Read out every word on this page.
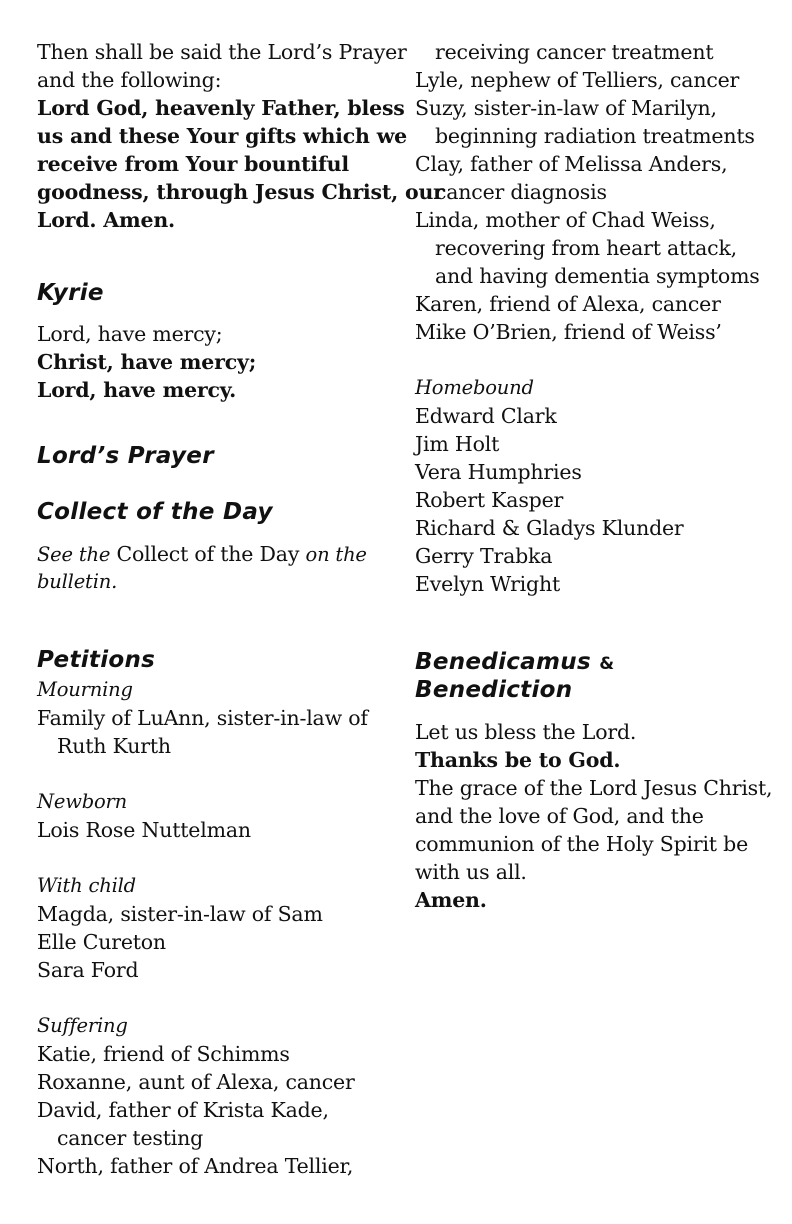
Then shall be said the Lord’s Prayer
and the following:
Lord God, heavenly Father, bless
us and these Your gifts which we
receive from Your bountiful
goodness, through Jesus Christ, our
Lord. Amen.
Kyrie
Lord, have mercy;
Christ, have mercy;
Lord, have mercy.
Lord’s Prayer
Collect of the Day
See the Collect of the Day on the
bulletin.
Petitions
Mourning
Family of LuAnn, sister-in-law of
Ruth Kurth
Newborn
Lois Rose Nuttelman
With child
Magda, sister-in-law of Sam
Elle Cureton
Sara Ford
Suffering
Katie, friend of Schimms
Roxanne, aunt of Alexa, cancer
David, father of Krista Kade,
cancer testing
North, father of Andrea Tellier,
receiving cancer treatment
Lyle, nephew of Telliers, cancer
Suzy, sister-in-law of Marilyn,
beginning radiation treatments
Clay, father of Melissa Anders,
cancer diagnosis
Linda, mother of Chad Weiss,
recovering from heart attack,
and having dementia symptoms
Karen, friend of Alexa, cancer
Mike O’Brien, friend of Weiss’
Homebound
Edward Clark
Jim Holt
Vera Humphries
Robert Kasper
Richard & Gladys Klunder
Gerry Trabka
Evelyn Wright
Benedicamus &
Benediction
Let us bless the Lord.
Thanks be to God.
The grace of the Lord Jesus Christ,
and the love of God, and the
communion of the Holy Spirit be
with us all.
Amen.
